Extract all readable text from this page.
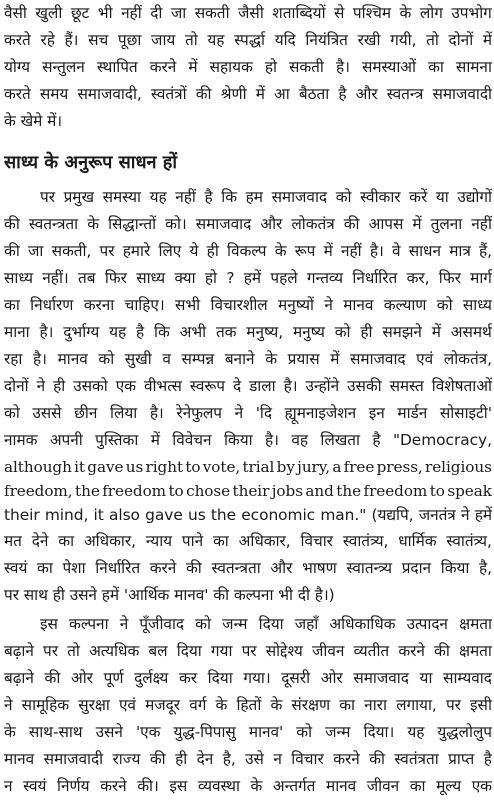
साध्य के अनुरूप साधन हों
वैसी खुली छूट भी नहीं दी जा सकती जैसी शताब्दियों से पश्चिम के लोग उपभोग
करते रहे हैं। सच पूछा जाय तो यह स्पर्द्धा यदि नियंत्रित रखी गयी, तो दोनों में
योग्य सन्तुलन स्थापित करने में सहायक हो सकती है। समस्याओं का सामना
करते समय समाजवादी, स्वतंत्रों की श्रेणी में आ बैठता है और स्वतन्त्र समाजवादी
के खेमे में।
पर प्रमुख समस्या यह नहीं है कि हम समाजवाद को स्वीकार करें या उद्योगों
की स्वतन्त्रता के सिद्धान्तों को। समाजवाद और लोकतंत्र की आपस में तुलना नहीं
की जा सकती, पर हमारे लिए ये ही विकल्प के रूप में नहीं है। वे साधन मात्र हैं,
साध्य नहीं। तब फिर साध्य क्या हो ? हमें पहले गन्तव्य निर्धारित कर, फिर मार्ग
का निर्धारण करना चाहिए। सभी विचारशील मनुष्यों ने मानव कल्याण को साध्य
माना है। दुर्भाग्य यह है कि अभी तक मनुष्य, मनुष्य को ही समझने में असमर्थ
रहा है। मानव को सुखी व सम्पन्न बनाने के प्रयास में समाजवाद एवं लोकतंत्र,
दोनों ने ही उसको एक वीभत्स स्वरूप दे डाला है। उन्होंने उसकी समस्त विशेषताओं
को उससे छीन लिया है। रेनेफुलप ने 'दि ह्यूमनाइजेशन इन मार्डन सोसाइटी'
नामक अपनी पुस्तिका में विवेचन किया है। वह लिखता है "Democracy,
although it gave us right to vote, trial by jury, a free press, religious
freedom, the freedom to chose their jobs and the freedom to speak
their mind, it also gave us the economic man." (यद्यपि, जनतंत्र ने हमें
मत देने का अधिकार, न्याय पाने का अधिकार, विचार स्वातंत्र्य, धार्मिक स्वातंत्र्य,
स्वयं का पेशा निर्धारित करने की स्वतन्त्रता और भाषण स्वातन्त्र्य प्रदान किया है,
पर साथ ही उसने हमें 'आर्थिक मानव' की कल्पना भी दी है।)
इस कल्पना ने पूँजीवाद को जन्म दिया जहाँ अधिकाधिक उत्पादन क्षमता
बढ़ाने पर तो अत्यधिक बल दिया गया पर सोद्देश्य जीवन व्यतीत करने की क्षमता
बढ़ाने की ओर पूर्ण दुर्लक्ष्य कर दिया गया। दूसरी ओर समाजवाद या साम्यवाद
ने सामूहिक सुरक्षा एवं मजदूर वर्ग के हितों के संरक्षण का नारा लगाया, पर इसी
के साथ-साथ उसने 'एक युद्ध-पिपासु मानव' को जन्म दिया। यह युद्धलोलुप
मानव समाजवादी राज्य की ही देन है, उसे न विचार करने की स्वतंत्रता प्राप्त है
न स्वयं निर्णय करने की। इस व्यवस्था के अन्तर्गत मानव जीवन का मूल्य एक
